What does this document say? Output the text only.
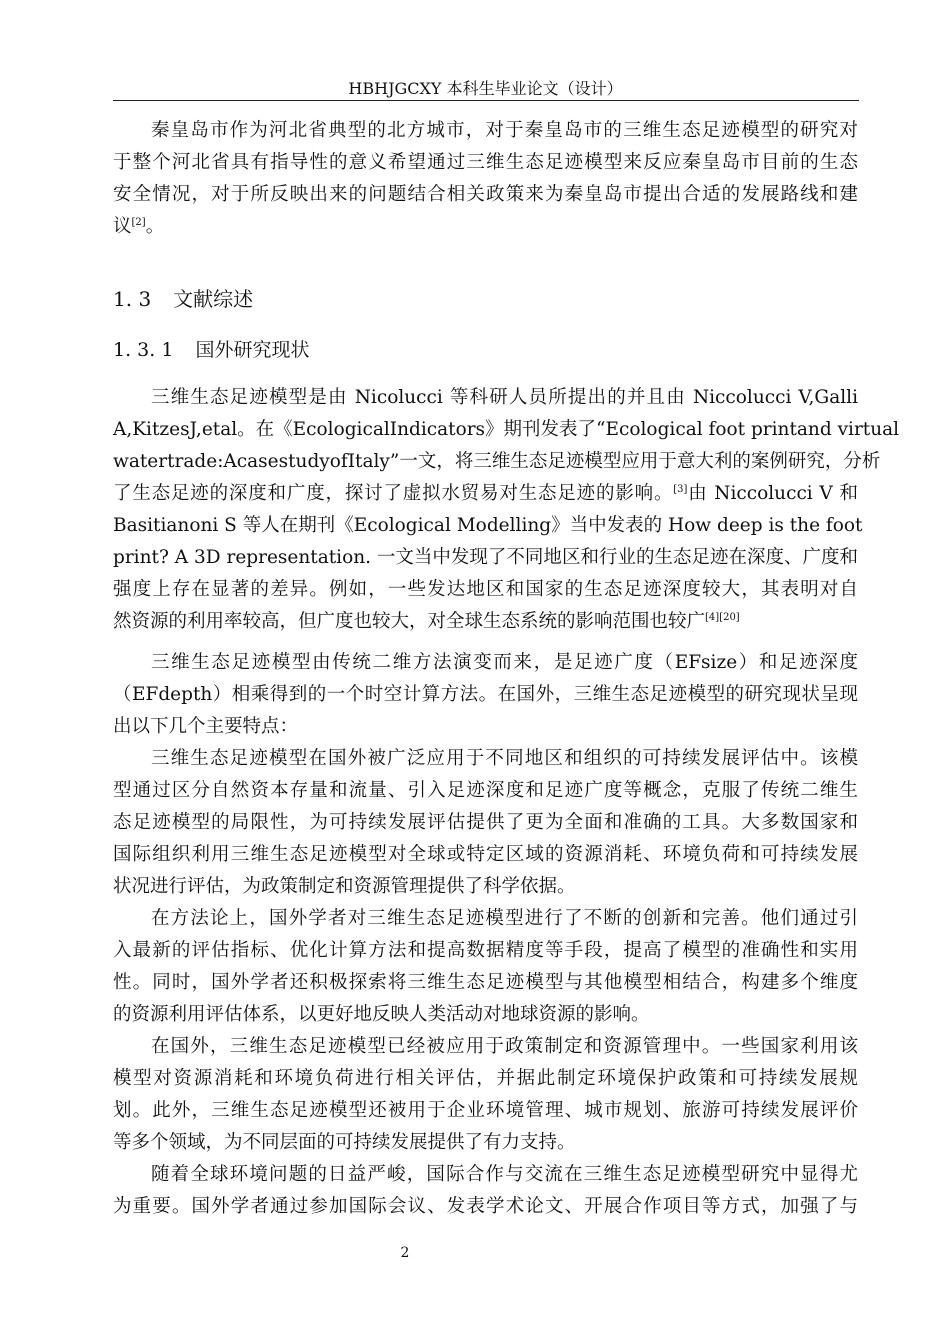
HBHJGCXY 本科生毕业论文（设计）
秦皇岛市作为河北省典型的北方城市，对于秦皇岛市的三维生态足迹模型的研究对
于整个河北省具有指导性的意义希望通过三维生态足迹模型来反应秦皇岛市目前的生态
安全情况，对于所反映出来的问题结合相关政策来为秦皇岛市提出合适的发展路线和建
议[2]。
1. 3 文献综述
1. 3. 1 国外研究现状
三维生态足迹模型是由 Nicolucci 等科研人员所提出的并且由 Niccolucci V,Galli
A,KitzesJ,etal。在《EcologicalIndicators》期刊发表了“Ecological foot printand virtual
watertrade:AcasestudyofItaly”一文，将三维生态足迹模型应用于意大利的案例研究，分析
了生态足迹的深度和广度，探讨了虚拟水贸易对生态足迹的影响。[3]由 Niccolucci V 和
Basitianoni S 等人在期刊《Ecological Modelling》当中发表的 How deep is the foot
print? A 3D representation. 一文当中发现了不同地区和行业的生态足迹在深度、广度和
强度上存在显著的差异。例如，一些发达地区和国家的生态足迹深度较大，其表明对自
然资源的利用率较高，但广度也较大，对全球生态系统的影响范围也较广[4][20]
三维生态足迹模型由传统二维方法演变而来，是足迹广度（EFsize）和足迹深度
（EFdepth）相乘得到的一个时空计算方法。在国外，三维生态足迹模型的研究现状呈现
出以下几个主要特点：
三维生态足迹模型在国外被广泛应用于不同地区和组织的可持续发展评估中。该模
型通过区分自然资本存量和流量、引入足迹深度和足迹广度等概念，克服了传统二维生
态足迹模型的局限性，为可持续发展评估提供了更为全面和准确的工具。大多数国家和
国际组织利用三维生态足迹模型对全球或特定区域的资源消耗、环境负荷和可持续发展
状况进行评估，为政策制定和资源管理提供了科学依据。
在方法论上，国外学者对三维生态足迹模型进行了不断的创新和完善。他们通过引
入最新的评估指标、优化计算方法和提高数据精度等手段，提高了模型的准确性和实用
性。同时，国外学者还积极探索将三维生态足迹模型与其他模型相结合，构建多个维度
的资源利用评估体系，以更好地反映人类活动对地球资源的影响。
在国外，三维生态足迹模型已经被应用于政策制定和资源管理中。一些国家利用该
模型对资源消耗和环境负荷进行相关评估，并据此制定环境保护政策和可持续发展规
划。此外，三维生态足迹模型还被用于企业环境管理、城市规划、旅游可持续发展评价
等多个领域，为不同层面的可持续发展提供了有力支持。
随着全球环境问题的日益严峻，国际合作与交流在三维生态足迹模型研究中显得尤
为重要。国外学者通过参加国际会议、发表学术论文、开展合作项目等方式，加强了与
2
